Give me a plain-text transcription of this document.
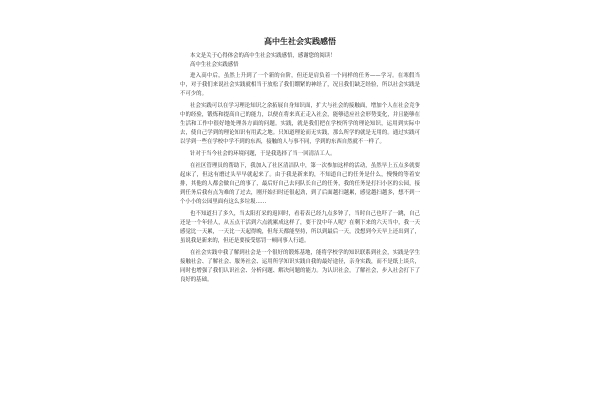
高中生社会实践感悟

本文是关于心得体会的高中生社会实践感悟，感谢您的阅读！

高中生社会实践感悟

进入高中后，虽然上升到了一个新的台阶，但还是肩负着一个同样的任务——学习。在寒假当中，对于我们来说社会实践就相当于放松了我们绷紧的神经了，况且我们缺乏经验，所以社会实践是不可少的。

社会实践可以在学习理论知识之余拓展自身知识面，扩大与社会的接触面，增加个人在社会竞争中的经验，锻炼和提高自己的能力，以便在将来真正走入社会，能够适应社会形势变化，并且能够在生活和工作中很好地处理各方面的问题。实践，就是我们把在学校所学的理论知识，运用到实际中去，使自己学到的理论知识有用武之地。只知道理论而无实践，那么所学的就是无用的。通过实践可以学到一些在学校中学不到的东西，接触的人与事不同，学到的东西自然就不一样了。

针对于当今社会的环境问题，于是我选择了当一回清洁工人。

在社区管理员的帮助下，我加入了社区清洁队中，第一次参加这样的活动，虽然早上五点多就要起床了，但这有磨过头早早就起来了。由于我是新来的，不知道自己的任务是什么，慢慢的等着安排，其他的人都会做自己的事了，最后好自己去问队长自己的任务，我的任务是打扫小区的公园，接到任务后我有点为难的了过去，刚开始扫时还很起劲，到了后面越扫越累，感觉越扫越多，想不到一个小小的公园里面有这么多垃圾……

也不知道扫了多久，当太阳打采的返回时，看着表已经九点多钟了，当时自己也吓了一跳，自己还是一个年轻人，从五点干活到六点就累成这样了，要干没中年人呢？在剩下来的六天当中，我一天感觉比一天累，一天比一天起得晚，但每天都能坚持，所以到最后一天，没想到今天早上还出到了，虽说我是新来的，但还是要接受惩罚一顿同事人行道。

在社会实践中我了解到社会是一个很好的锻炼基地，能将学校学的知识联系到社会，实践是学生接触社会、了解社会、服务社会、运用所学知识实践自我的最好途径，亲身实践，而不是纸上谈兵，同时也增强了我们认识社会、分析问题、解决问题的能力。为认识社会，了解社会，步入社会打下了良好的基础。
